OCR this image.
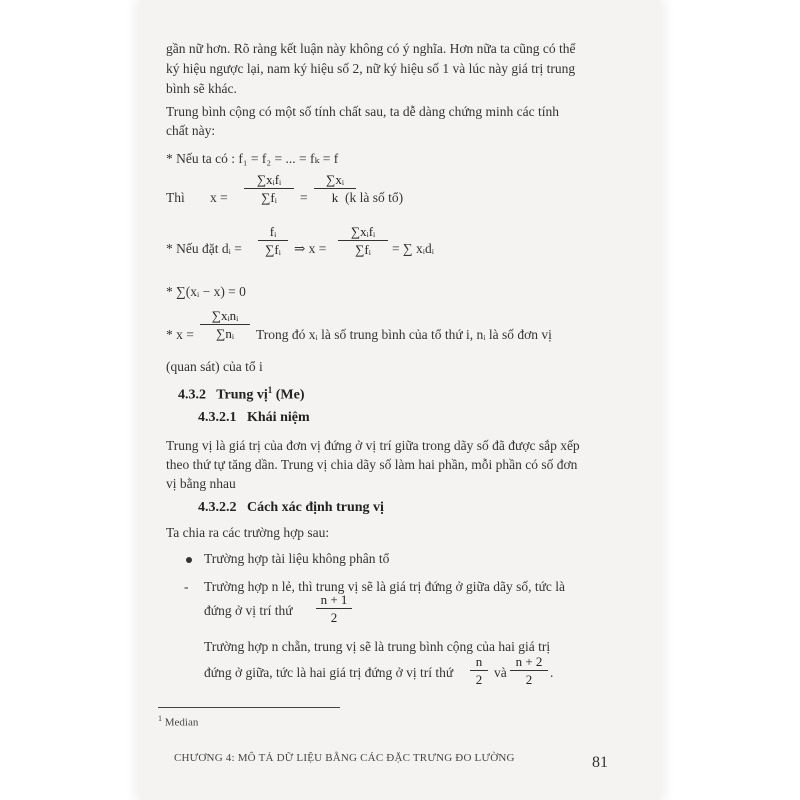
gần nữ hơn. Rõ ràng kết luận này không có ý nghĩa. Hơn nữa ta cũng có thể
ký hiệu ngược lại, nam ký hiệu số 2, nữ ký hiệu số 1 và lúc này giá trị trung
bình sẽ khác.
Trung bình cộng có một số tính chất sau, ta dễ dàng chứng minh các tính
chất này:
* Nếu ta có : f₁ = f₂ = ... = fₖ = f
Thì x =
∑xᵢfᵢ
∑fᵢ	=
∑xᵢ
k (k là số tổ)
* Nếu đặt dᵢ =
fᵢ
∑fᵢ ⇒ x =
∑xᵢfᵢ
∑fᵢ	= ∑ xᵢdᵢ
* ∑(xᵢ − x) = 0
* x =
∑xᵢnᵢ
∑nᵢ	Trong đó xᵢ là số trung bình của tổ thứ i, nᵢ là số đơn vị
(quan sát) của tổ i
4.3.2 Trung vị$^1$ (Me)
4.3.2.1 Khái niệm
Trung vị là giá trị của đơn vị đứng ở vị trí giữa trong dãy số đã được sắp xếp
theo thứ tự tăng dần. Trung vị chia dãy số làm hai phần, mỗi phần có số đơn
vị bằng nhau
4.3.2.2 Cách xác định trung vị
Ta chia ra các trường hợp sau:
Trường hợp tài liệu không phân tổ
- Trường hợp n lẻ, thì trung vị sẽ là giá trị đứng ở giữa dãy số, tức là
đứng ở vị trí thứ
n + 1
2
Trường hợp n chẵn, trung vị sẽ là trung bình cộng của hai giá trị
đứng ở giữa, tức là hai giá trị đứng ở vị trí thứ
n
2 và
n + 2
2	.
$^1$ Median
CHƯƠNG 4: MÔ TẢ DỮ LIỆU BẰNG CÁC ĐẶC TRƯNG ĐO LƯỜNG	81
